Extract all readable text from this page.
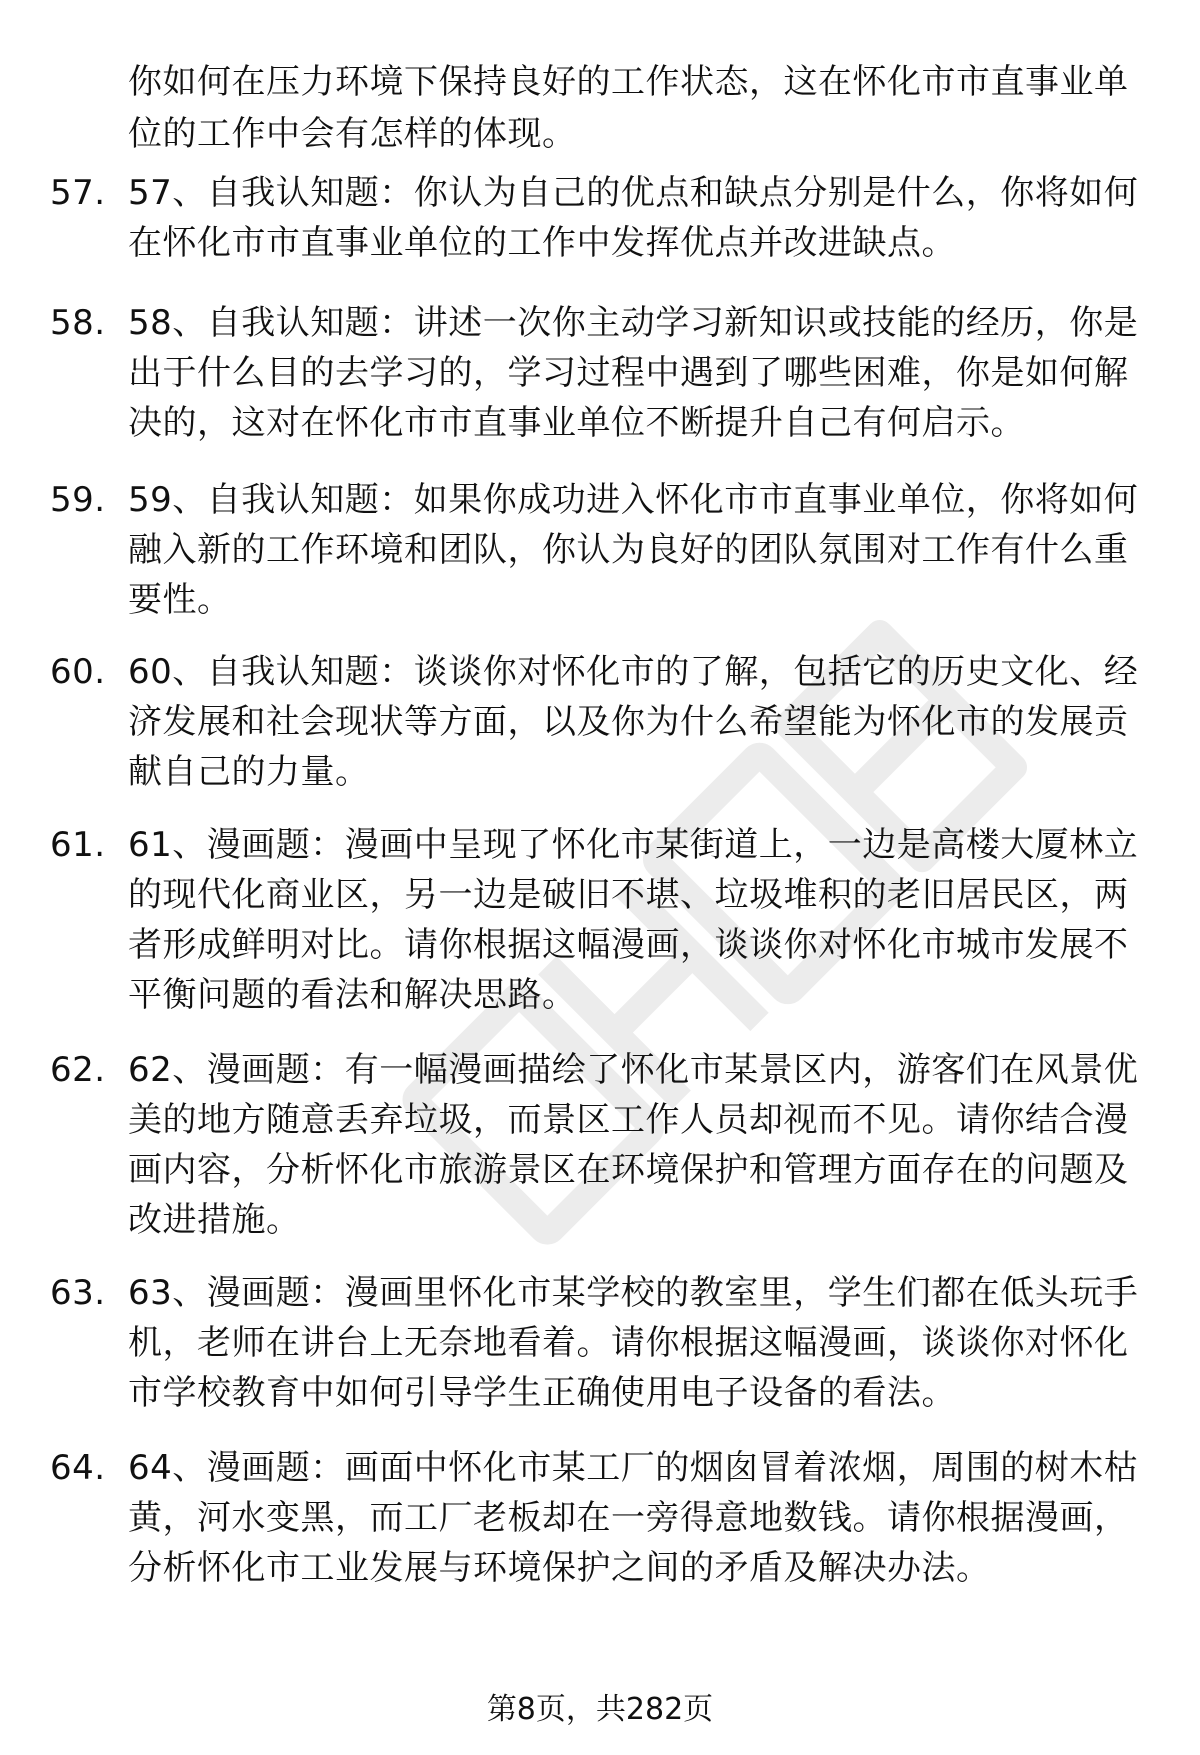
你如何在压力环境下保持良好的工作状态，这在怀化市市直事业单位的工作中会有怎样的体现。
57. 57、自我认知题：你认为自己的优点和缺点分别是什么，你将如何在怀化市市直事业单位的工作中发挥优点并改进缺点。
58. 58、自我认知题：讲述一次你主动学习新知识或技能的经历，你是出于什么目的去学习的，学习过程中遇到了哪些困难，你是如何解决的，这对在怀化市市直事业单位不断提升自己有何启示。
59. 59、自我认知题：如果你成功进入怀化市市直事业单位，你将如何融入新的工作环境和团队，你认为良好的团队氛围对工作有什么重要性。
60. 60、自我认知题：谈谈你对怀化市的了解，包括它的历史文化、经济发展和社会现状等方面，以及你为什么希望能为怀化市的发展贡献自己的力量。
61. 61、漫画题：漫画中呈现了怀化市某街道上，一边是高楼大厦林立的现代化商业区，另一边是破旧不堪、垃圾堆积的老旧居民区，两者形成鲜明对比。请你根据这幅漫画，谈谈你对怀化市城市发展不平衡问题的看法和解决思路。
62. 62、漫画题：有一幅漫画描绘了怀化市某景区内，游客们在风景优美的地方随意丢弃垃圾，而景区工作人员却视而不见。请你结合漫画内容，分析怀化市旅游景区在环境保护和管理方面存在的问题及改进措施。
63. 63、漫画题：漫画里怀化市某学校的教室里，学生们都在低头玩手机，老师在讲台上无奈地看着。请你根据这幅漫画，谈谈你对怀化市学校教育中如何引导学生正确使用电子设备的看法。
64. 64、漫画题：画面中怀化市某工厂的烟囱冒着浓烟，周围的树木枯黄，河水变黑，而工厂老板却在一旁得意地数钱。请你根据漫画，分析怀化市工业发展与环境保护之间的矛盾及解决办法。
第8页，共282页
